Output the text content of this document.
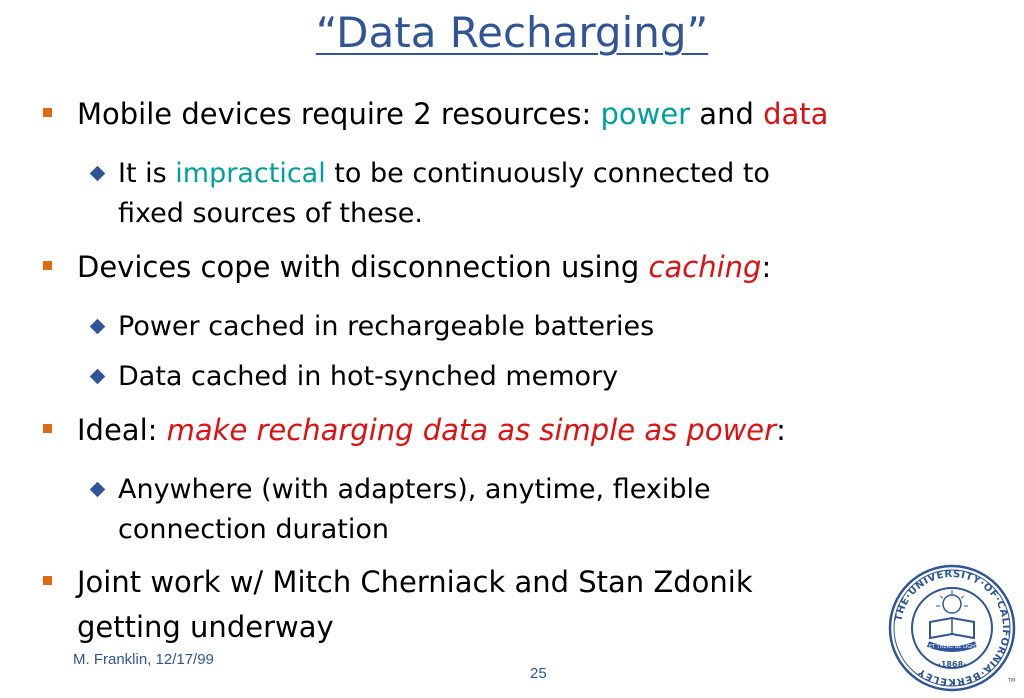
“Data Recharging”
Mobile devices require 2 resources: power and data
It is impractical to be continuously connected to
fixed sources of these.
Devices cope with disconnection using caching:
Power cached in rechargeable batteries
Data cached in hot-synched memory
Ideal: make recharging data as simple as power:
Anywhere (with adapters), anytime, flexible
connection duration
Joint work w/ Mitch Cherniack and Stan Zdonik
getting underway
M. Franklin, 12/17/99
25
THE·UNIVERSITY·OF·CALIFORNIA·BERKELEY
LET THERE BE LIGHT
·1868·
TM
